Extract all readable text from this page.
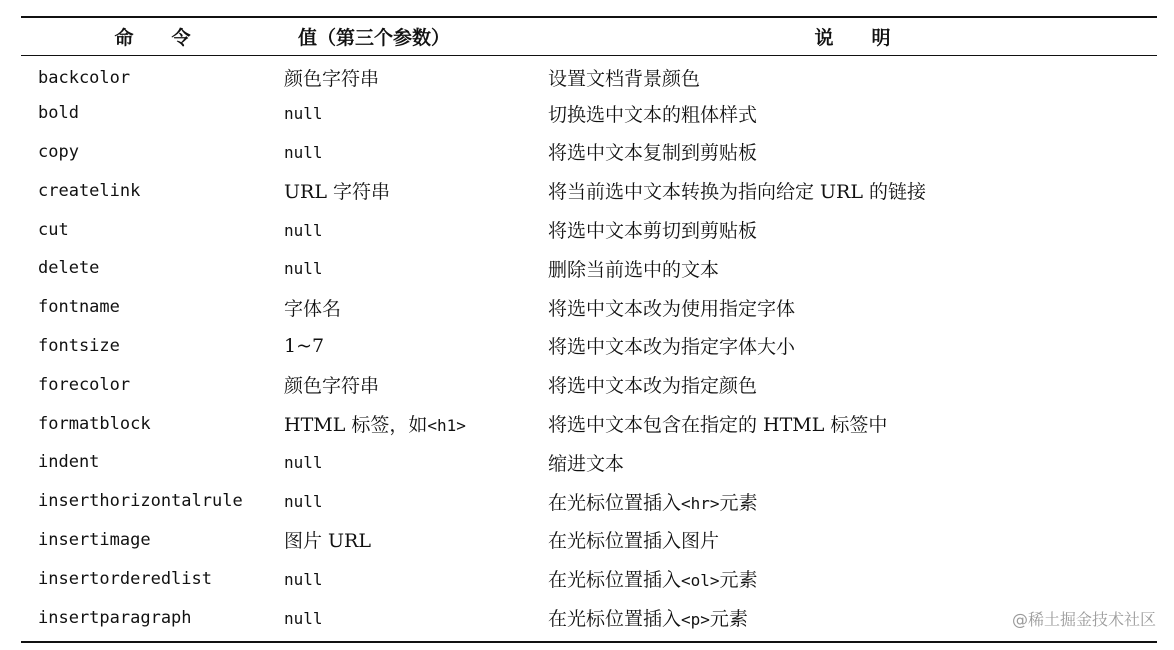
命　　令	值（第三个参数）	说　　明
backcolor	颜色字符串	设置文档背景颜色
bold	null	切换选中文本的粗体样式
copy	null	将选中文本复制到剪贴板
createlink	URL 字符串	将当前选中文本转换为指向给定 URL 的链接
cut	null	将选中文本剪切到剪贴板
delete	null	删除当前选中的文本
fontname	字体名	将选中文本改为使用指定字体
fontsize	1~7	将选中文本改为指定字体大小
forecolor	颜色字符串	将选中文本改为指定颜色
formatblock	HTML 标签，如<h1>	将选中文本包含在指定的 HTML 标签中
indent	null	缩进文本
inserthorizontalrule	null	在光标位置插入<hr>元素
insertimage	图片 URL	在光标位置插入图片
insertorderedlist	null	在光标位置插入<ol>元素
insertparagraph	null	在光标位置插入<p>元素	@稀土掘金技术社区
